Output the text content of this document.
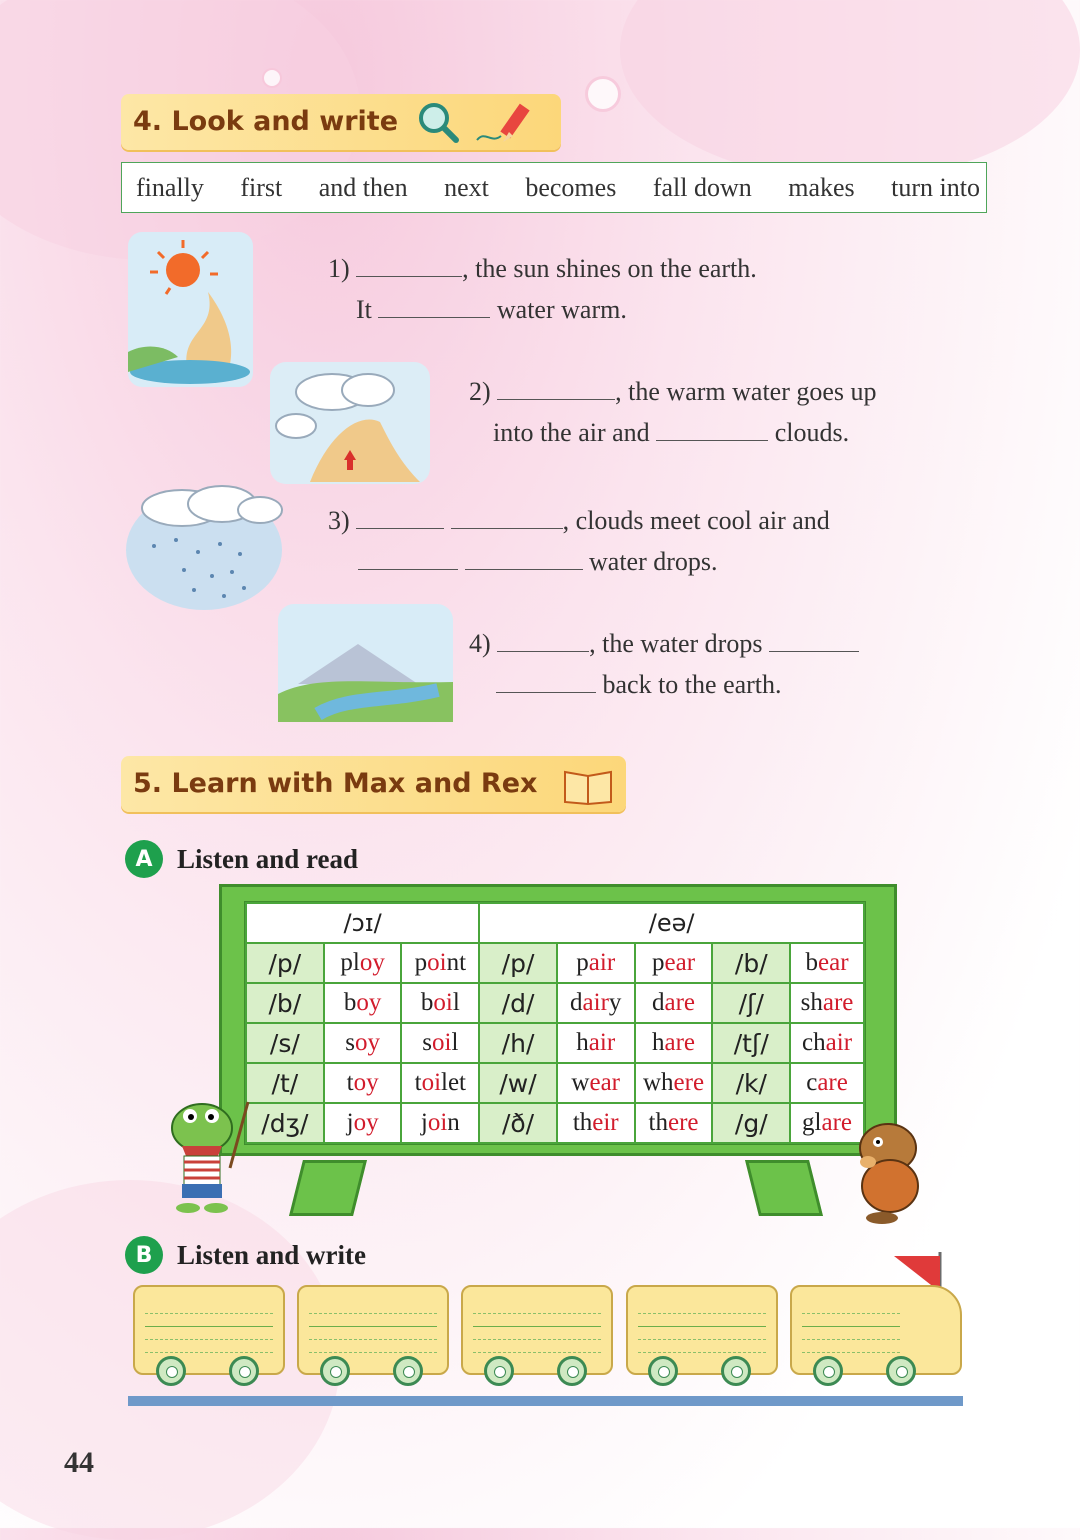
4. Look and write
finally first and then next becomes fall down makes turn into
1)	, the sun shines on the earth.
It	water warm.
2)	, the warm water goes up
into the air and	clouds.
3)	, clouds meet cool air and
water drops.
4)	, the water drops
back to the earth.
5. Learn with Max and Rex
A Listen and read
/ɔɪ/			/eə/				
/p/	ploy	point	/p/	pair	pear	/b/	bear
/b/	boy	boil	/d/	dairy	dare	/ʃ/	share
/s/	soy	soil	/h/	hair	hare	/tʃ/	chair
/t/	toy	toilet	/w/	wear	where	/k/	care
/dʒ/	joy	join	/ð/	their	there	/g/	glare
B Listen and write
44
